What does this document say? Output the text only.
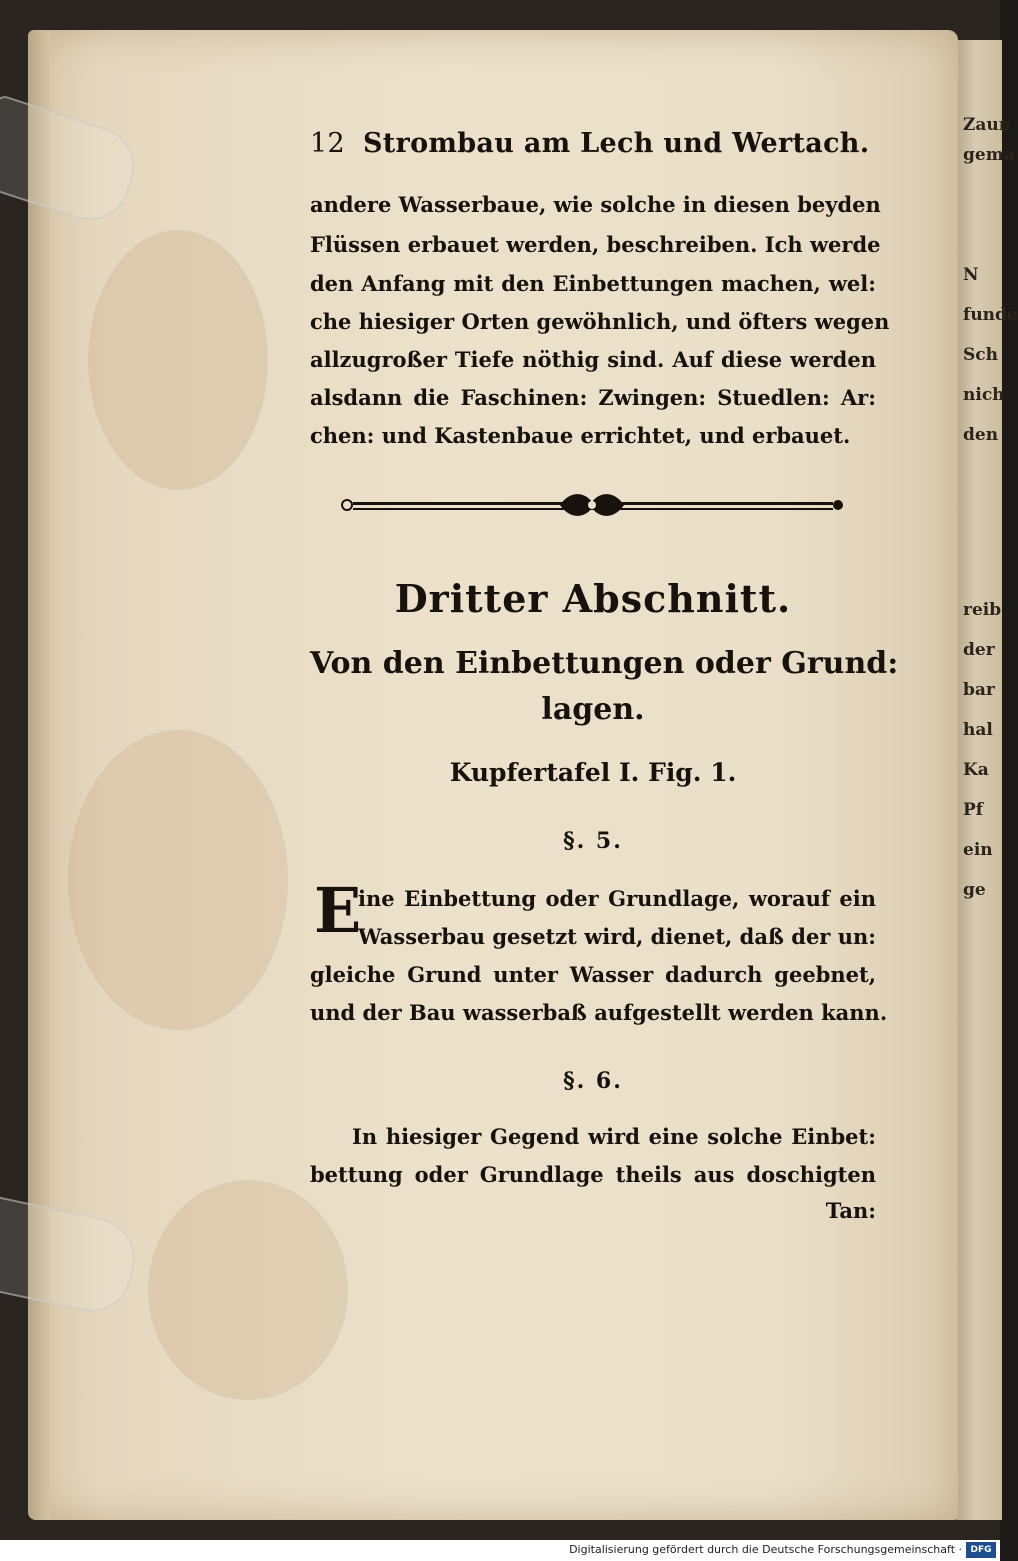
Zaun
gema
N
funde
Sch
nich
den
reib
der
bar
hal
Ka
Pf
ein
ge
12 Strombau am Lech und Wertach.
andere Wasserbaue, wie solche in diesen beyden
Flüssen erbauet werden, beschreiben. Ich werde
den Anfang mit den Einbettungen machen, wel:
che hiesiger Orten gewöhnlich, und öfters wegen
allzugroßer Tiefe nöthig sind. Auf diese werden
alsdann die Faschinen: Zwingen: Stuedlen: Ar:
chen: und Kastenbaue errichtet, und erbauet.
Dritter Abschnitt.
Von den Einbettungen oder Grund:
lagen.
Kupfertafel I. Fig. 1.
§. 5.
E
ine Einbettung oder Grundlage, worauf ein
Wasserbau gesetzt wird, dienet, daß der un:
gleiche Grund unter Wasser dadurch geebnet,
und der Bau wasserbaß aufgestellt werden kann.
§. 6.
In hiesiger Gegend wird eine solche Einbet:
bettung oder Grundlage theils aus doschigten
Tan:
Digitalisierung gefördert durch die Deutsche Forschungsgemeinschaft · DFG
